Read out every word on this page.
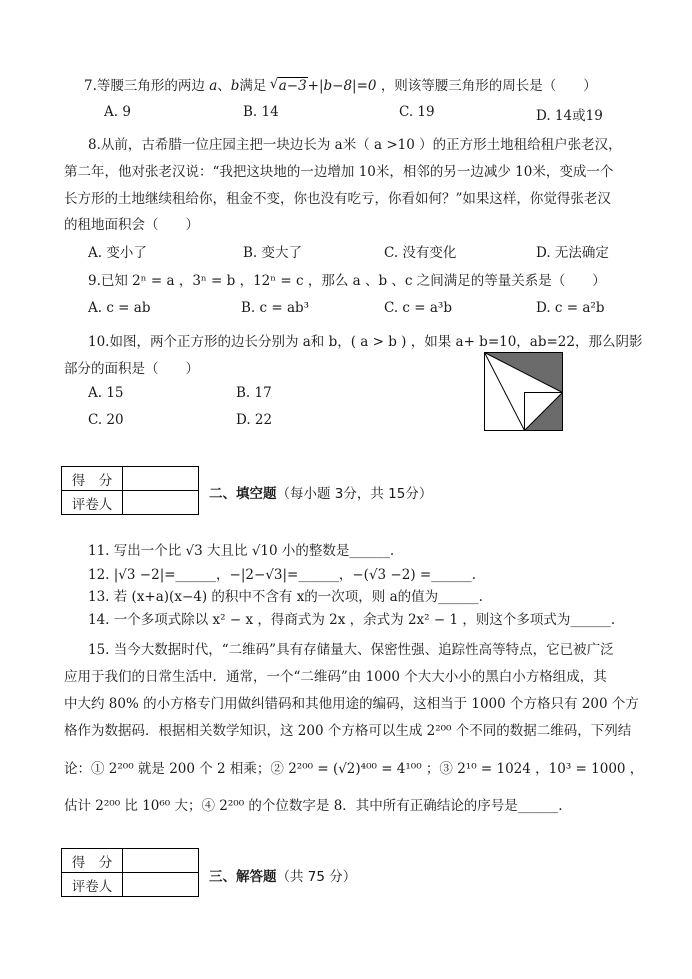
7.等腰三角形的两边 a、b满足 √ a−3+|b−8|=0 ，则该等腰三角形的周长是（　　）
A. 9	B. 14	C. 19	D. 14或19
8.从前，古希腊一位庄园主把一块边长为 a米（ a >10 ）的正方形土地租给租户张老汉，
第二年，他对张老汉说：“我把这块地的一边增加 10米，相邻的另一边减少 10米，变成一个
长方形的土地继续租给你，租金不变，你也没有吃亏，你看如何？”如果这样，你觉得张老汉
的租地面积会（　　）
A. 变小了	B. 变大了	C. 没有变化	D. 无法确定
9.已知 2ⁿ = a ，3ⁿ = b ，12ⁿ = c ，那么 a 、b 、c 之间满足的等量关系是（　　）
A. c = ab	B. c = ab³	C. c = a³b	D. c = a²b
10.如图，两个正方形的边长分别为 a和 b，( a > b ) ，如果 a+ b=10，ab=22，那么阴影
部分的面积是（　　）
A. 15	B. 17
C. 20	D. 22
得　分	
评卷人	
二、填空题（每小题 3分，共 15分）
11. 写出一个比 √3 大且比 √10 小的整数是______.
12. |√3 −2|=______，−|2−√3|=______，−(√3 −2) =______.
13. 若 (x+a)(x−4) 的积中不含有 x的一次项，则 a的值为______.
14. 一个多项式除以 x² − x ，得商式为 2x ，余式为 2x² − 1 ，则这个多项式为______.
15. 当今大数据时代，“二维码”具有存储量大、保密性强、追踪性高等特点，它已被广泛
应用于我们的日常生活中．通常，一个“二维码”由 1000 个大大小小的黑白小方格组成，其
中大约 80% 的小方格专门用做纠错码和其他用途的编码，这相当于 1000 个方格只有 200 个方
格作为数据码．根据相关数学知识，这 200 个方格可以生成 2²⁰⁰ 个不同的数据二维码，下列结
论：① 2²⁰⁰ 就是 200 个 2 相乘；② 2²⁰⁰ = (√2)⁴⁰⁰ = 4¹⁰⁰ ；③ 2¹⁰ = 1024 ，10³ = 1000 ，
估计 2²⁰⁰ 比 10⁶⁰ 大；④ 2²⁰⁰ 的个位数字是 8．其中所有正确结论的序号是______.
得　分	
评卷人	
三、解答题（共 75 分）
